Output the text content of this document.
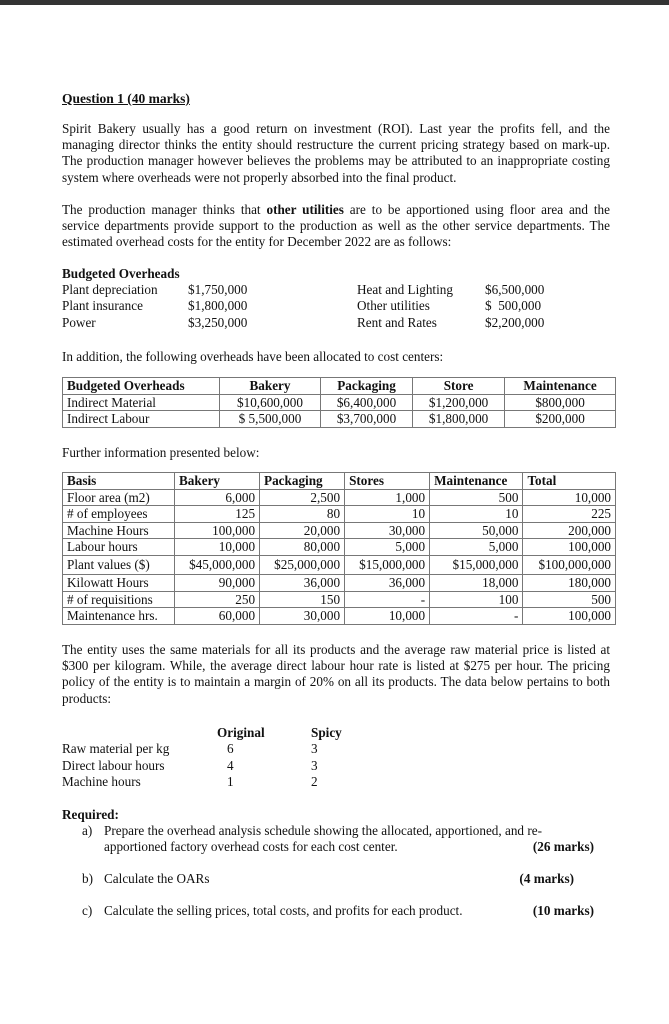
Question 1 (40 marks)
Spirit Bakery usually has a good return on investment (ROI). Last year the profits fell, and the managing director thinks the entity should restructure the current pricing strategy based on mark-up. The production manager however believes the problems may be attributed to an inappropriate costing system where overheads were not properly absorbed into the final product.
The production manager thinks that other utilities are to be apportioned using floor area and the service departments provide support to the production as well as the other service departments. The estimated overhead costs for the entity for December 2022 are as follows:
Budgeted Overheads
Plant depreciation	$1,750,000
Plant insurance	$1,800,000
Power	$3,250,000
Heat and Lighting	$6,500,000
Other utilities	$  500,000
Rent and Rates	$2,200,000
In addition, the following overheads have been allocated to cost centers:
Budgeted Overheads	Bakery	Packaging	Store	Maintenance
Indirect Material	$10,600,000	$6,400,000	$1,200,000	$800,000
Indirect Labour	$ 5,500,000	$3,700,000	$1,800,000	$200,000
Further information presented below:
Basis	Bakery	Packaging	Stores	Maintenance	Total
Floor area (m2)	6,000	2,500	1,000	500	10,000
# of employees	125	80	10	10	225
Machine Hours	100,000	20,000	30,000	50,000	200,000
Labour hours	10,000	80,000	5,000	5,000	100,000
Plant values ($)	$45,000,000	$25,000,000	$15,000,000	$15,000,000	$100,000,000
Kilowatt Hours	90,000	36,000	36,000	18,000	180,000
# of requisitions	250	150	-	100	500
Maintenance hrs.	60,000	30,000	10,000	-	100,000
The entity uses the same materials for all its products and the average raw material price is listed at $300 per kilogram. While, the average direct labour hour rate is listed at $275 per hour. The pricing policy of the entity is to maintain a margin of 20% on all its products. The data below pertains to both products:
	Original	Spicy
Raw material per kg	6	3
Direct labour hours	4	3
Machine hours	1	2
Required:
a) Prepare the overhead analysis schedule showing the allocated, apportioned, and re-apportioned factory overhead costs for each cost center.	(26 marks)
b) Calculate the OARs	(4 marks)
c) Calculate the selling prices, total costs, and profits for each product.	(10 marks)
